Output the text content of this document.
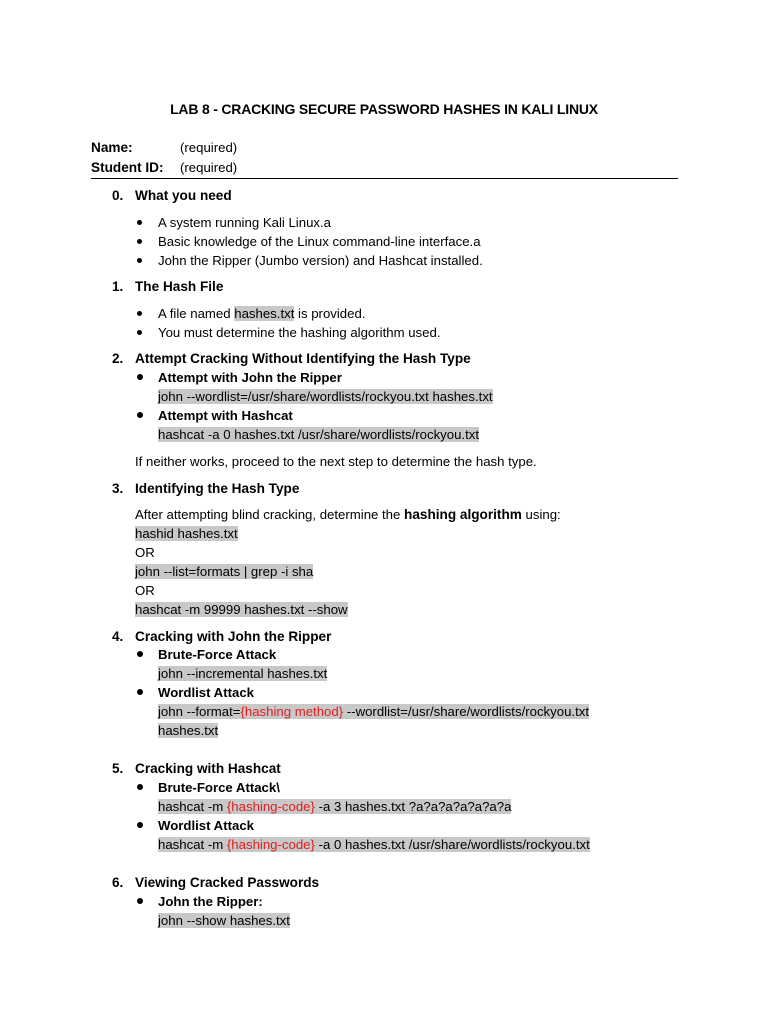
LAB 8 - CRACKING SECURE PASSWORD HASHES IN KALI LINUX
Name:	(required)
Student ID: (required)
0. What you need
A system running Kali Linux.a
Basic knowledge of the Linux command-line interface.a
John the Ripper (Jumbo version) and Hashcat installed.
1. The Hash File
A file named hashes.txt is provided.
You must determine the hashing algorithm used.
2. Attempt Cracking Without Identifying the Hash Type
Attempt with John the Ripper
john --wordlist=/usr/share/wordlists/rockyou.txt hashes.txt
Attempt with Hashcat
hashcat -a 0 hashes.txt /usr/share/wordlists/rockyou.txt
If neither works, proceed to the next step to determine the hash type.
3. Identifying the Hash Type
After attempting blind cracking, determine the hashing algorithm using:
hashid hashes.txt
OR
john --list=formats | grep -i sha
OR
hashcat -m 99999 hashes.txt --show
4. Cracking with John the Ripper
Brute-Force Attack
john --incremental hashes.txt
Wordlist Attack
john --format={hashing method} --wordlist=/usr/share/wordlists/rockyou.txt
hashes.txt
5. Cracking with Hashcat
Brute-Force Attack\
hashcat -m {hashing-code} -a 3 hashes.txt ?a?a?a?a?a?a?a
Wordlist Attack
hashcat -m {hashing-code} -a 0 hashes.txt /usr/share/wordlists/rockyou.txt
6. Viewing Cracked Passwords
John the Ripper:
john --show hashes.txt
